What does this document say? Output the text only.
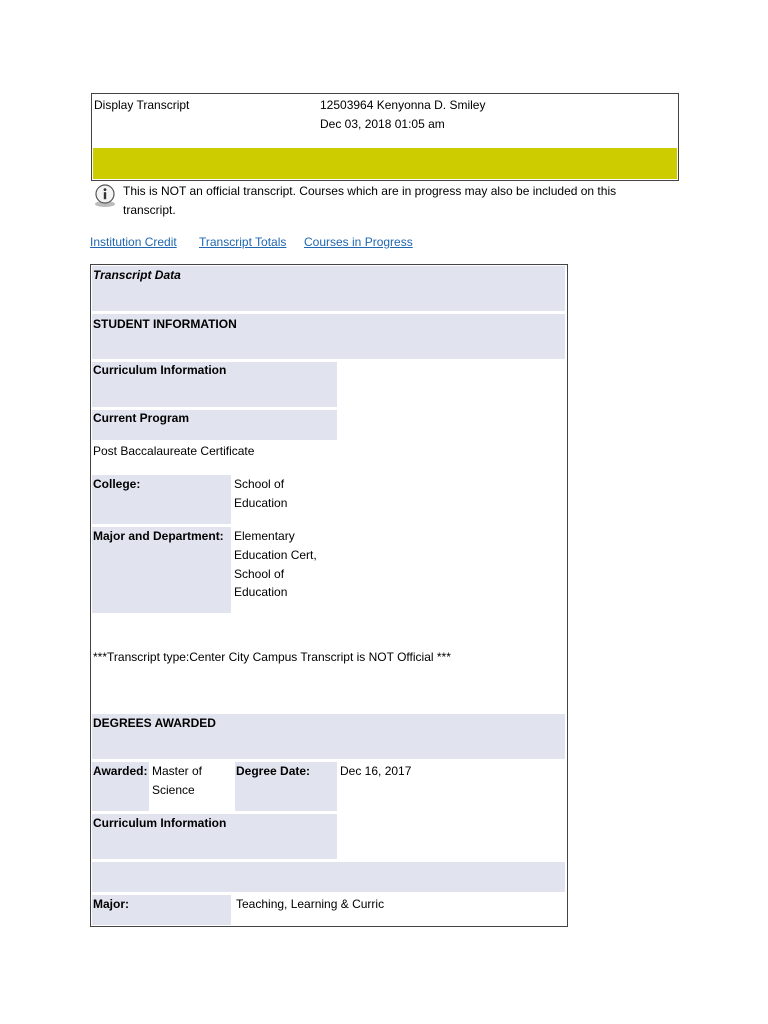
Display Transcript	12503964 Kenyonna D. Smiley
Dec 03, 2018 01:05 am
This is NOT an official transcript. Courses which are in progress may also be included on this
transcript.
Institution Credit Transcript Totals Courses in Progress
Transcript Data
STUDENT INFORMATION
Curriculum Information
Current Program
Post Baccalaureate Certificate
College:	School of
Education
Major and Department: Elementary
Education Cert,
School of
Education
***Transcript type:Center City Campus Transcript is NOT Official ***
DEGREES AWARDED
Awarded: Master of
Science
Degree Date: Dec 16, 2017
Curriculum Information
Major:	Teaching, Learning & Curric
